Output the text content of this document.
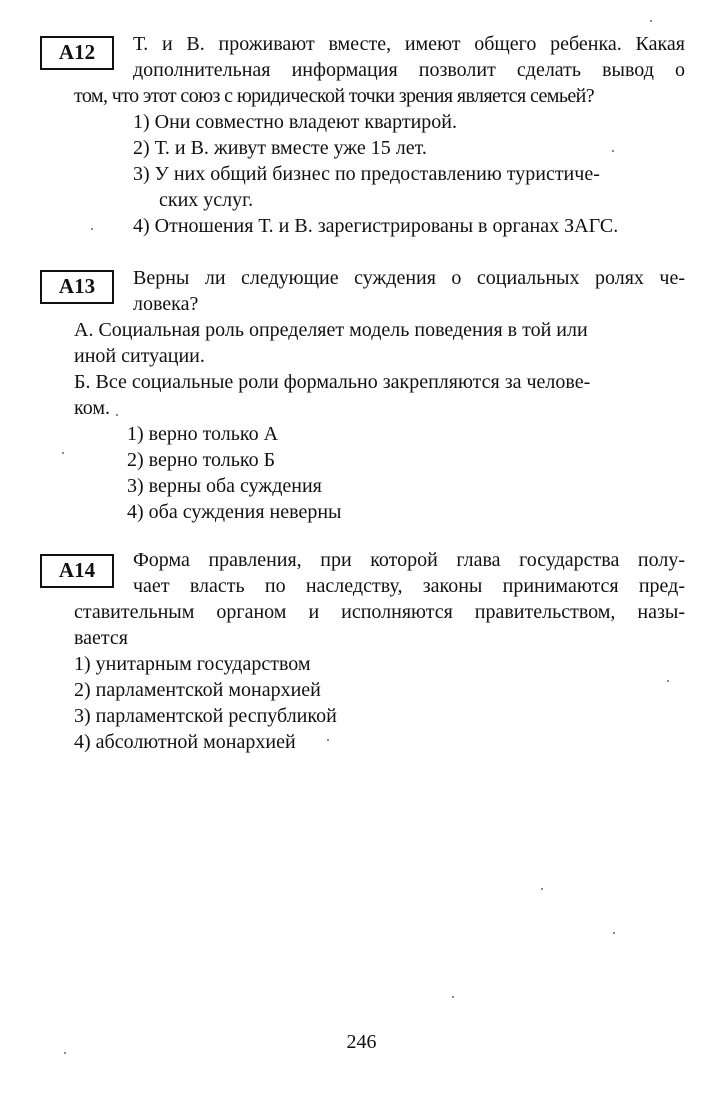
A12	Т. и В. проживают вместе, имеют общего ребенка. Какая
дополнительная информация позволит сделать вывод о
том, что этот союз с юридической точки зрения является семьей?
1) Они совместно владеют квартирой.
2) Т. и В. живут вместе уже 15 лет.
3) У них общий бизнес по предоставлению туристиче-
ских услуг.
4) Отношения Т. и В. зарегистрированы в органах ЗАГС.
A13	Верны ли следующие суждения о социальных ролях че-
ловека?
А. Социальная роль определяет модель поведения в той или
иной ситуации.
Б. Все социальные роли формально закрепляются за челове-
ком.
1) верно только А
2) верно только Б
3) верны оба суждения
4) оба суждения неверны
A14	Форма правления, при которой глава государства полу-
чает власть по наследству, законы принимаются пред-
ставительным органом и исполняются правительством, назы-
вается
1) унитарным государством
2) парламентской монархией
3) парламентской республикой
4) абсолютной монархией
246
